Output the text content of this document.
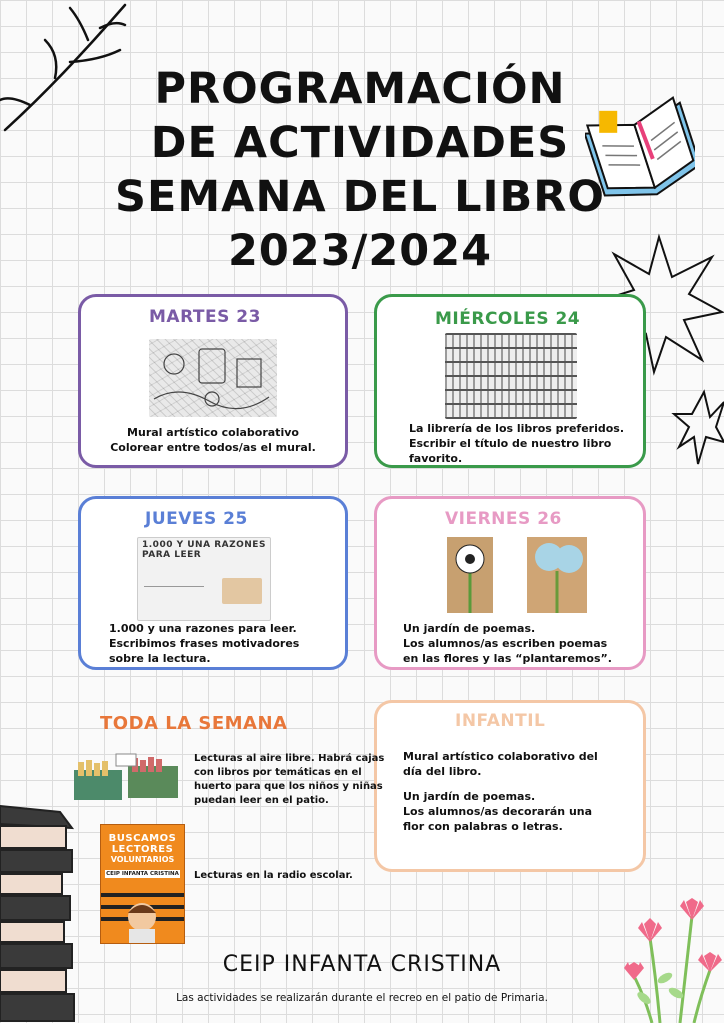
PROGRAMACIÓN
DE ACTIVIDADES
SEMANA DEL LIBRO
2023/2024
MARTES 23

Mural artístico colaborativo

Colorear entre todos/as el mural.

MIÉRCOLES 24

La librería de los libros preferidos.

Escribir el título de nuestro libro

favorito.

JUEVES 25
1.000 Y UNA RAZONES PARA LEER

1.000 y una razones para leer.

Escribimos frases motivadores

sobre la lectura.

VIERNES 26

Un jardín de poemas.

Los alumnos/as escriben poemas

en las flores y las “plantaremos”.

INFANTIL

Mural artístico colaborativo del

día del libro.

Un jardín de poemas.

Los alumnos/as decorarán una

flor con palabras o letras.

TODA LA SEMANA

Lecturas al aire libre. Habrá cajas

con libros por temáticas en el

huerto para que los niños y niñas

puedan leer en el patio.

BUSCAMOS
LECTORES
VOLUNTARIOS
CEIP INFANTA CRISTINA Lecturas en la radio escolar.

CEIP INFANTA CRISTINA

Las actividades se realizarán durante el recreo en el patio de Primaria.
